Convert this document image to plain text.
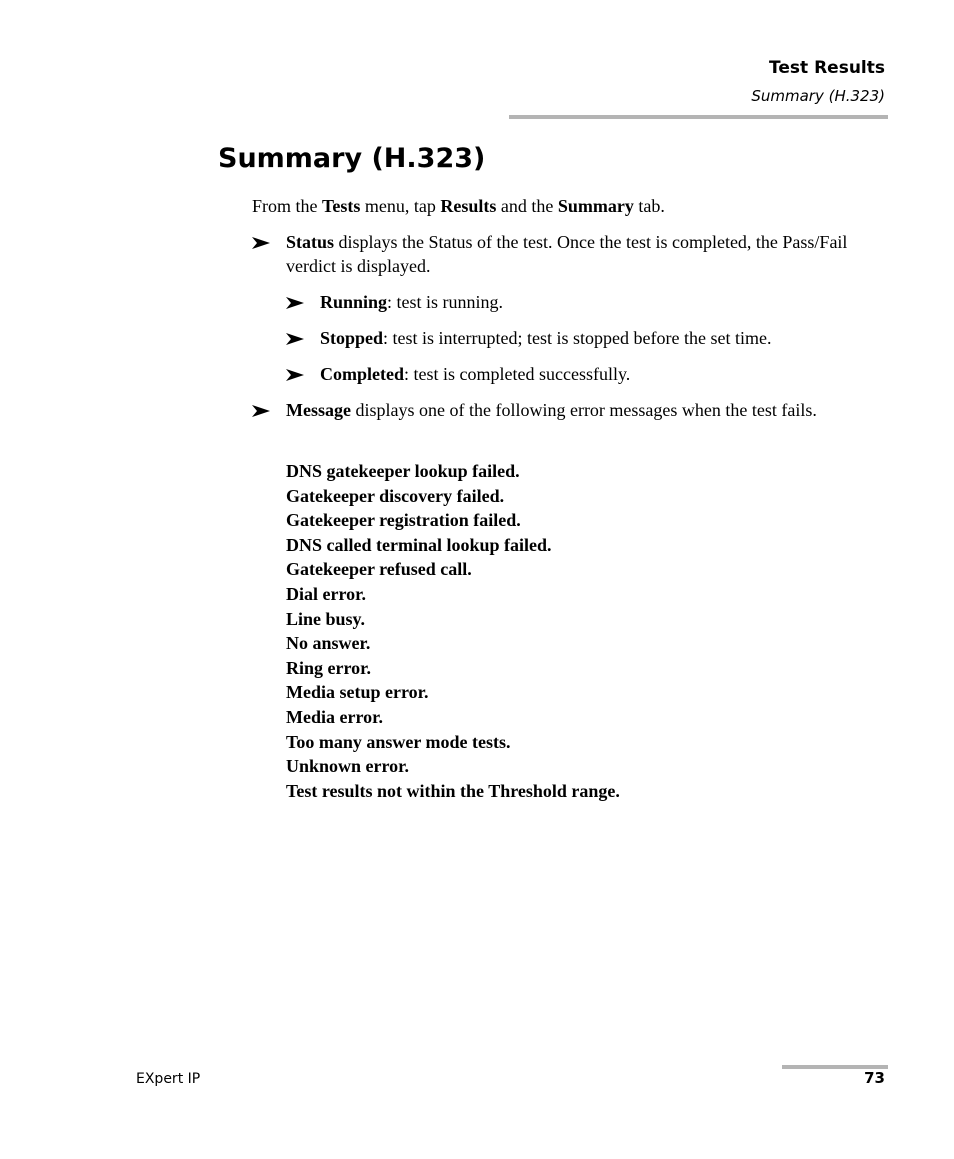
Test Results
Summary (H.323)
Summary (H.323)

From the Tests menu, tap Results and the Summary tab.

Status displays the Status of the test. Once the test is completed, the Pass/Fail verdict is displayed.
Running: test is running.
Stopped: test is interrupted; test is stopped before the set time.
Completed: test is completed successfully.
Message displays one of the following error messages when the test fails.
DNS gatekeeper lookup failed.
Gatekeeper discovery failed.
Gatekeeper registration failed.
DNS called terminal lookup failed.
Gatekeeper refused call.
Dial error.
Line busy.
No answer.
Ring error.
Media setup error.
Media error.
Too many answer mode tests.
Unknown error.
Test results not within the Threshold range.
EXpert IP	73
